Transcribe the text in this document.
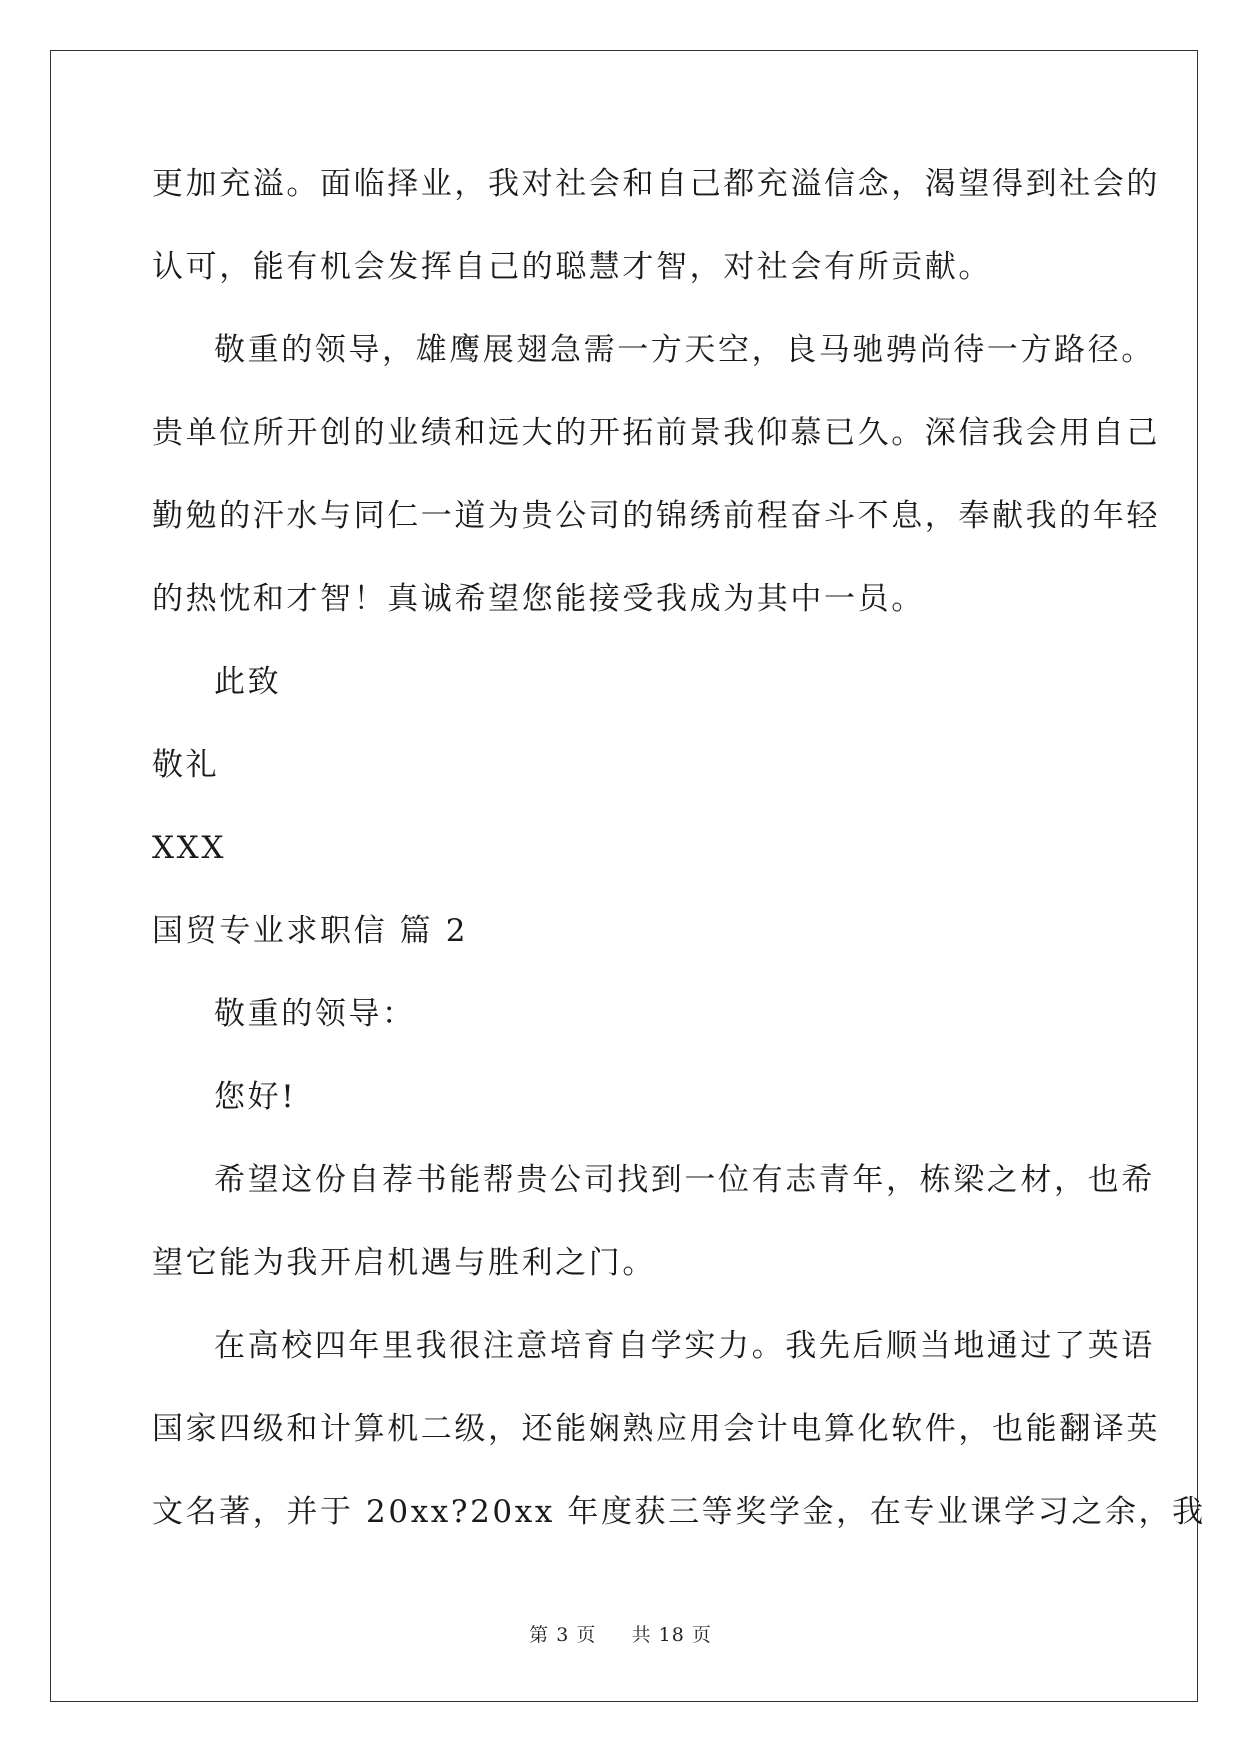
更加充溢。面临择业，我对社会和自己都充溢信念，渴望得到社会的
认可，能有机会发挥自己的聪慧才智，对社会有所贡献。
敬重的领导，雄鹰展翅急需一方天空，良马驰骋尚待一方路径。
贵单位所开创的业绩和远大的开拓前景我仰慕已久。深信我会用自己
勤勉的汗水与同仁一道为贵公司的锦绣前程奋斗不息，奉献我的年轻
的热忱和才智！真诚希望您能接受我成为其中一员。
此致
敬礼
XXX
国贸专业求职信 篇 2
敬重的领导：
您好!
希望这份自荐书能帮贵公司找到一位有志青年，栋梁之材，也希
望它能为我开启机遇与胜利之门。
在高校四年里我很注意培育自学实力。我先后顺当地通过了英语
国家四级和计算机二级，还能娴熟应用会计电算化软件，也能翻译英
文名著，并于 20xx?20xx 年度获三等奖学金，在专业课学习之余，我
第 3 页 共 18 页
